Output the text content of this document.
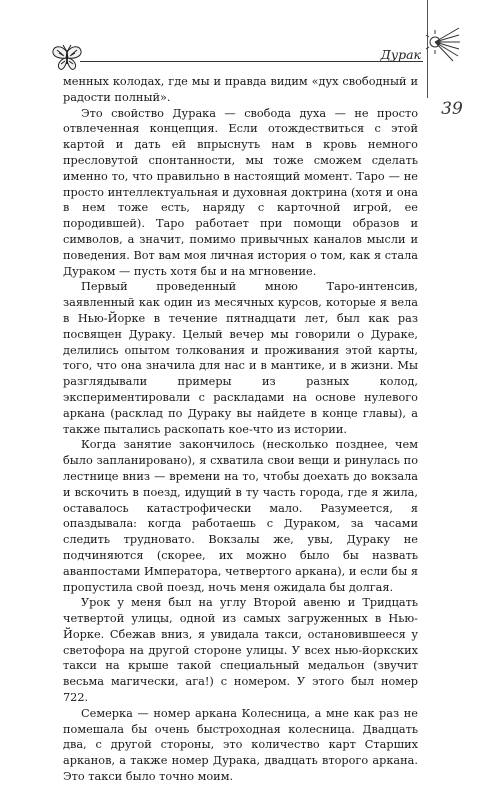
Дурак
39

менных колодах, где мы и правда видим «дух свободный и радости полный».

Это свойство Дурака — свобода духа — не просто отвлеченная концепция. Если отождествиться с этой картой и дать ей впрыснуть нам в кровь немного пресловутой спонтанности, мы тоже сможем сделать именно то, что правильно в настоящий момент. Таро — не просто интеллектуальная и духовная доктрина (хотя и она в нем тоже есть, наряду с карточной игрой, ее породившей). Таро работает при помощи образов и символов, а значит, помимо привычных каналов мысли и поведения. Вот вам моя личная история о том, как я стала Дураком — пусть хотя бы и на мгновение.

Первый проведенный мною Таро-интенсив, заявленный как один из месячных курсов, которые я вела в Нью-Йорке в течение пятнадцати лет, был как раз посвящен Дураку. Целый вечер мы говорили о Дураке, делились опытом толкования и проживания этой карты, того, что она значила для нас и в мантике, и в жизни. Мы разглядывали примеры из разных колод, экспериментировали с раскладами на основе нулевого аркана (расклад по Дураку вы найдете в конце главы), а также пытались раскопать кое-что из истории.

Когда занятие закончилось (несколько позднее, чем было запланировано), я схватила свои вещи и ринулась по лестнице вниз — времени на то, чтобы доехать до вокзала и вскочить в поезд, идущий в ту часть города, где я жила, оставалось катастрофически мало. Разумеется, я опаздывала: когда работаешь с Дураком, за часами следить трудновато. Вокзалы же, увы, Дураку не подчиняются (скорее, их можно было бы назвать аванпостами Императора, четвертого аркана), и если бы я пропустила свой поезд, ночь меня ожидала бы долгая.

Урок у меня был на углу Второй авеню и Тридцать четвертой улицы, одной из самых загруженных в Нью-Йорке. Сбежав вниз, я увидала такси, остановившееся у светофора на другой стороне улицы. У всех нью-йоркских такси на крыше такой специальный медальон (звучит весьма магически, ага!) с номером. У этого был номер 722.

Семерка — номер аркана Колесница, а мне как раз не помешала бы очень быстроходная колесница. Двадцать два, с другой стороны, это количество карт Старших арканов, а также номер Дурака, двадцать второго аркана. Это такси было точно моим.
